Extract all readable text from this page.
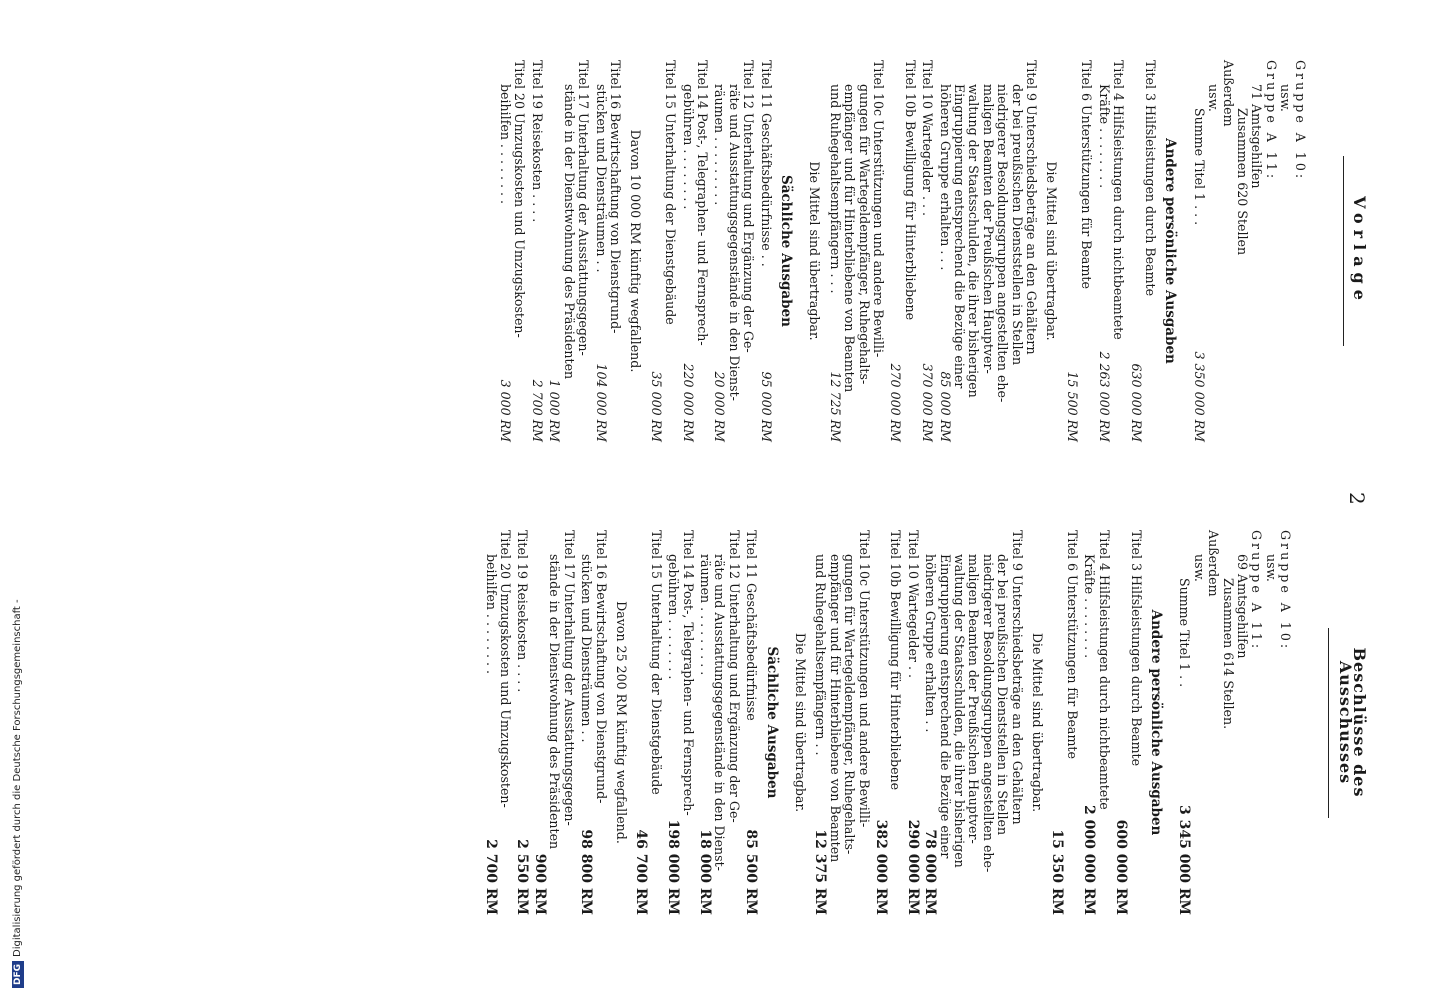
2
Vorlage
Gruppe A 10:
usw.
Gruppe A 11:
71 Amtsgehilfen
Zusammen 620 Stellen
Außerdem
usw.
Summe Titel 1 . . .
3 350 000 RM
Andere persönliche Ausgaben
Titel 3 Hilfsleistungen durch Beamte
630 000 RM
Titel 4 Hilfsleistungen durch nichtbeamtete
Kräfte . . . . . . . .
2 263 000 RM
Titel 6 Unterstützungen für Beamte
15 500 RM
Die Mittel sind übertragbar.
Titel 9 Unterschiedsbeträge an den Gehältern
der bei preußischen Dienststellen in Stellen
niedrigerer Besoldungsgruppen angestellten ehe-
maligen Beamten der Preußischen Hauptver-
waltung der Staatsschulden, die ihrer bisherigen
Eingruppierung entsprechend die Bezüge einer
höheren Gruppe erhalten . . .
85 000 RM
Titel 10 Wartegelder . . .
370 000 RM
Titel 10b Bewilligung für Hinterbliebene
270 000 RM
Titel 10c Unterstützungen und andere Bewilli-
gungen für Wartegeldempfänger, Ruhegehalts-
empfänger und für Hinterbliebene von Beamten
und Ruhegehaltsempfängern . . .
12 725 RM
Die Mittel sind übertragbar.
Sächliche Ausgaben
Titel 11 Geschäftsbedürfnisse . .
95 000 RM
Titel 12 Unterhaltung und Ergänzung der Ge-
räte und Ausstattungsgegenstände in den Dienst-
räumen . . . . . . . . .
20 000 RM
Titel 14 Post-, Telegraphen- und Fernsprech-
gebühren . . . . . . . .
220 000 RM
Titel 15 Unterhaltung der Dienstgebäude
35 000 RM
Davon 10 000 RM künftig wegfallend.
Titel 16 Bewirtschaftung von Dienstgrund-
stücken und Diensträumen . .
104 000 RM
Titel 17 Unterhaltung der Ausstattungsgegen-
stände in der Dienstwohnung des Präsidenten
1 000 RM
Titel 19 Reisekosten . . . .
2 700 RM
Titel 20 Umzugskosten und Umzugskosten-
beihilfen . . . . . . . .
3 000 RM
Beschlüsse des Ausschusses
Gruppe A 10:
usw.
Gruppe A 11:
69 Amtsgehilfen
Zusammen 614 Stellen.
Außerdem
usw.
Summe Titel 1 . .
3 345 000 RM
Andere persönliche Ausgaben
Titel 3 Hilfsleistungen durch Beamte
600 000 RM
Titel 4 Hilfsleistungen durch nichtbeamtete
Kräfte . . . . . . . .
2 000 000 RM
Titel 6 Unterstützungen für Beamte
15 350 RM
Die Mittel sind übertragbar.
Titel 9 Unterschiedsbeträge an den Gehältern
der bei preußischen Dienststellen in Stellen
niedrigerer Besoldungsgruppen angestellten ehe-
maligen Beamten der Preußischen Hauptver-
waltung der Staatsschulden, die ihrer bisherigen
Eingruppierung entsprechend die Bezüge einer
höheren Gruppe erhalten . .
78 000 RM
Titel 10 Wartegelder . .
290 000 RM
Titel 10b Bewilligung für Hinterbliebene
382 000 RM
Titel 10c Unterstützungen und andere Bewilli-
gungen für Wartegeldempfänger, Ruhegehalts-
empfänger und für Hinterbliebene von Beamten
und Ruhegehaltsempfängern . .
12 375 RM
Die Mittel sind übertragbar.
Sächliche Ausgaben
Titel 11 Geschäftsbedürfnisse
85 500 RM
Titel 12 Unterhaltung und Ergänzung der Ge-
räte und Ausstattungsgegenstände in den Dienst-
räumen . . . . . . . . .
18 000 RM
Titel 14 Post-, Telegraphen- und Fernsprech-
gebühren . . . . . . . .
198 000 RM
Titel 15 Unterhaltung der Dienstgebäude
46 700 RM
Davon 25 200 RM künftig wegfallend.
Titel 16 Bewirtschaftung von Dienstgrund-
stücken und Diensträumen . .
98 800 RM
Titel 17 Unterhaltung der Ausstattungsgegen-
stände in der Dienstwohnung des Präsidenten
900 RM
Titel 19 Reisekosten . . . .
2 550 RM
Titel 20 Umzugskosten und Umzugskosten-
beihilfen . . . . . . . .
2 700 RM
DFGDigitalisierung gefördert durch die Deutsche Forschungsgemeinschaft -
